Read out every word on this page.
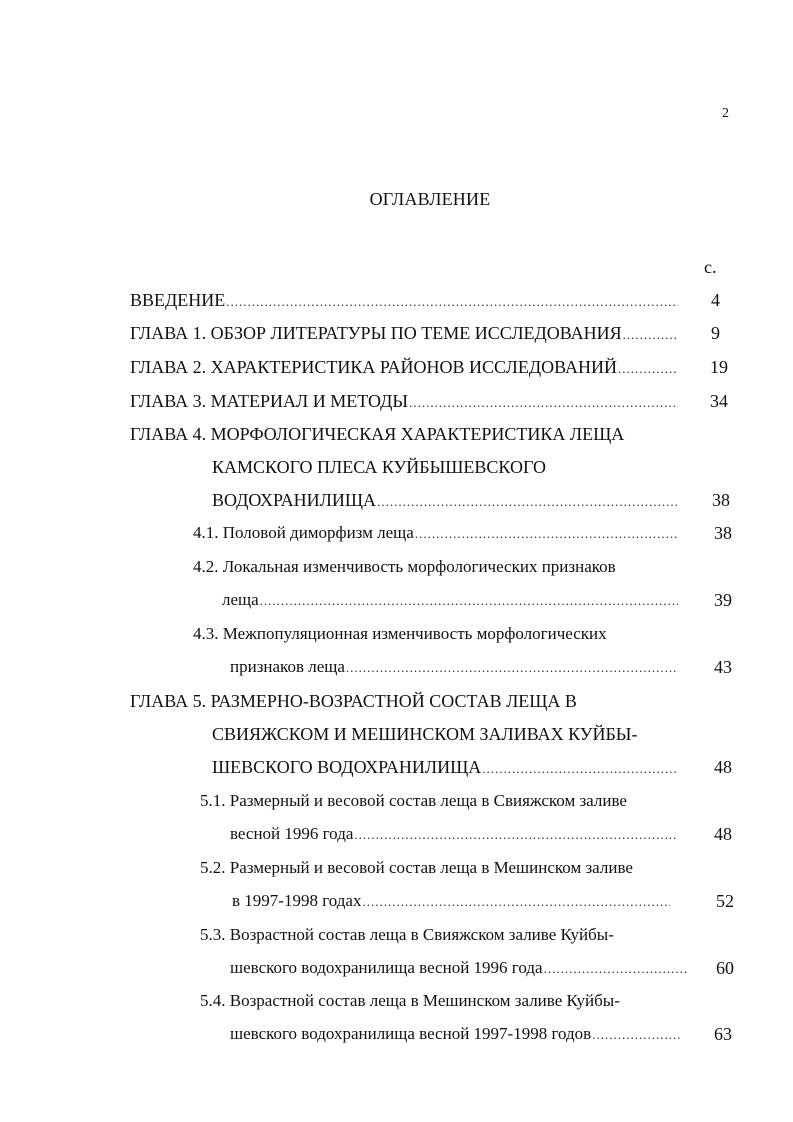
2
ОГЛАВЛЕНИЕ
с.
ВВЕДЕНИЕ .....	4
ГЛАВА 1. ОБЗОР ЛИТЕРАТУРЫ ПО ТЕМЕ ИССЛЕДОВАНИЯ .....	9
ГЛАВА 2. ХАРАКТЕРИСТИКА РАЙОНОВ ИССЛЕДОВАНИЙ .....	19
ГЛАВА 3. МАТЕРИАЛ И МЕТОДЫ .....	34
ГЛАВА 4. МОРФОЛОГИЧЕСКАЯ ХАРАКТЕРИСТИКА ЛЕЩА
КАМСКОГО ПЛЕСА КУЙБЫШЕВСКОГО
ВОДОХРАНИЛИЩА .....	38
4.1. Половой диморфизм леща .....	38
4.2. Локальная изменчивость морфологических признаков
леща .....	39
4.3. Межпопуляционная изменчивость морфологических
признаков леща .....	43
ГЛАВА 5. РАЗМЕРНО-ВОЗРАСТНОЙ СОСТАВ ЛЕЩА В
СВИЯЖСКОМ И МЕШИНСКОМ ЗАЛИВАХ КУЙБЫ-
ШЕВСКОГО ВОДОХРАНИЛИЩА .....	48
5.1. Размерный и весовой состав леща в Свияжском заливе
весной 1996 года .....	48
5.2. Размерный и весовой состав леща в Мешинском заливе
в 1997-1998 годах .....	52
5.3. Возрастной состав леща в Свияжском заливе Куйбы-
шевского водохранилища весной 1996 года .....	60
5.4. Возрастной состав леща в Мешинском заливе Куйбы-
шевского водохранилища весной 1997-1998 годов .....	63
